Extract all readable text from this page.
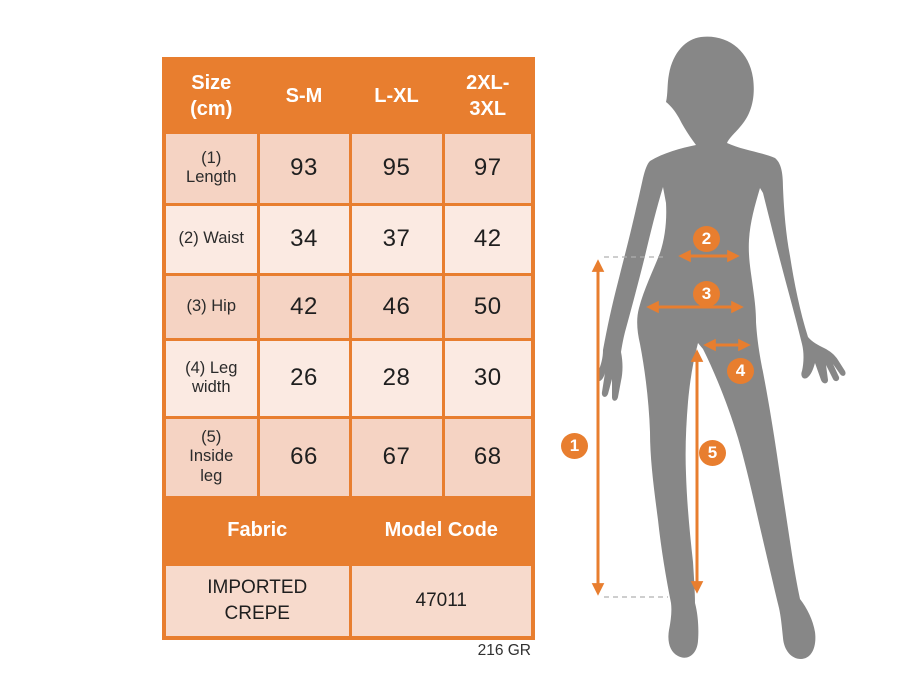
Size (cm)	S-M	L-XL	2XL-3XL
(1) Length	93	95	97
(2) Waist	34	37	42
(3) Hip	42	46	50
(4) Leg width	26	28	30
(5) Inside leg	66	67	68
Fabric		Model Code	
IMPORTED CREPE		47011	
216 GR
1
2
3
4
5
